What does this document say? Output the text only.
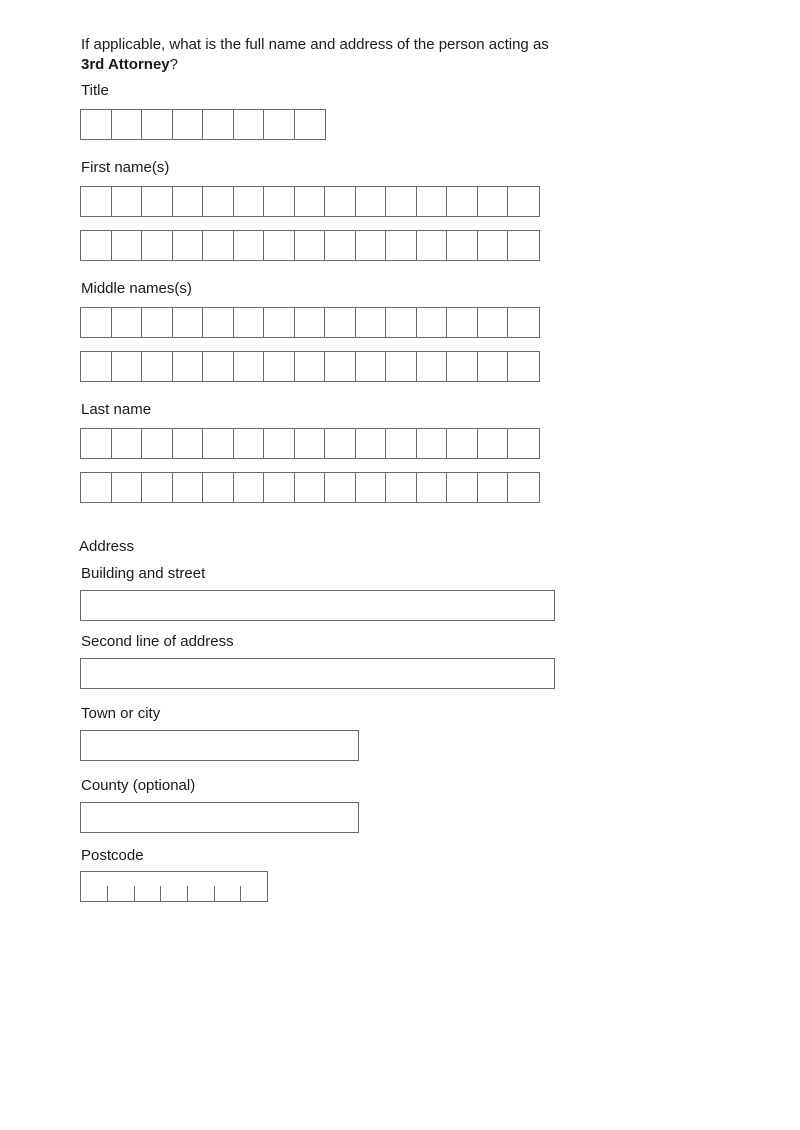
If applicable, what is the full name and address of the person acting as
3rd Attorney?
Title
First name(s)
Middle names(s)
Last name
Address
Building and street
Second line of address
Town or city
County (optional)
Postcode
